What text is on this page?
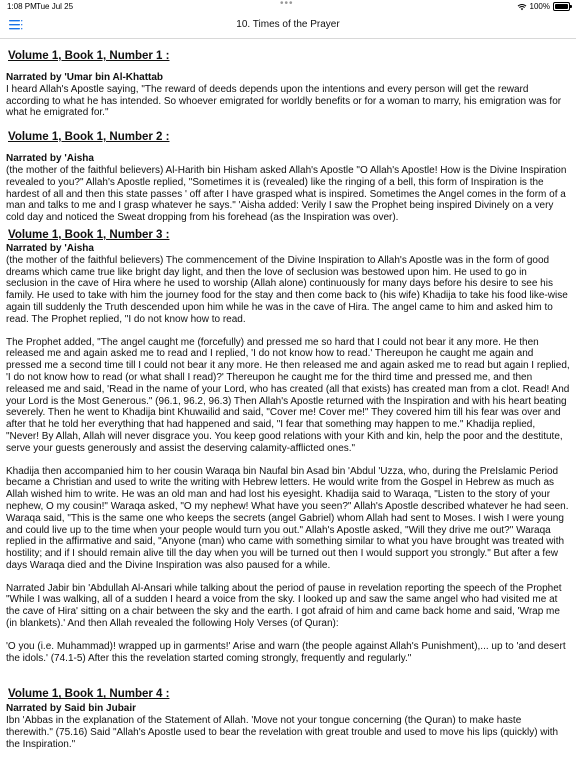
1:08 PM Tue Jul 25	•••	100%
10. Times of the Prayer
Volume 1, Book 1, Number 1 :
Narrated by 'Umar bin Al-Khattab

I heard Allah's Apostle saying, "The reward of deeds depends upon the intentions and every person will get the reward according to what he has intended. So whoever emigrated for worldly benefits or for a woman to marry, his emigration was for what he emigrated for."

Volume 1, Book 1, Number 2 :
Narrated by 'Aisha

(the mother of the faithful believers) Al-Harith bin Hisham asked Allah's Apostle "O Allah's Apostle! How is the Divine Inspiration revealed to you?" Allah's Apostle replied, "Sometimes it is (revealed) like the ringing of a bell, this form of Inspiration is the hardest of all and then this state passes ' off after I have grasped what is inspired. Sometimes the Angel comes in the form of a man and talks to me and I grasp whatever he says." 'Aisha added: Verily I saw the Prophet being inspired Divinely on a very cold day and noticed the Sweat dropping from his forehead (as the Inspiration was over).

Volume 1, Book 1, Number 3 :
Narrated by 'Aisha

(the mother of the faithful believers) The commencement of the Divine Inspiration to Allah's Apostle was in the form of good dreams which came true like bright day light, and then the love of seclusion was bestowed upon him. He used to go in seclusion in the cave of Hira where he used to worship (Allah alone) continuously for many days before his desire to see his family. He used to take with him the journey food for the stay and then come back to (his wife) Khadija to take his food like-wise again till suddenly the Truth descended upon him while he was in the cave of Hira. The angel came to him and asked him to read. The Prophet replied, "I do not know how to read.

The Prophet added, "The angel caught me (forcefully) and pressed me so hard that I could not bear it any more. He then released me and again asked me to read and I replied, 'I do not know how to read.' Thereupon he caught me again and pressed me a second time till I could not bear it any more. He then released me and again asked me to read but again I replied, 'I do not know how to read (or what shall I read)?' Thereupon he caught me for the third time and pressed me, and then released me and said, 'Read in the name of your Lord, who has created (all that exists) has created man from a clot. Read! And your Lord is the Most Generous." (96.1, 96.2, 96.3) Then Allah's Apostle returned with the Inspiration and with his heart beating severely. Then he went to Khadija bint Khuwailid and said, "Cover me! Cover me!" They covered him till his fear was over and after that he told her everything that had happened and said, "I fear that something may happen to me." Khadija replied, "Never! By Allah, Allah will never disgrace you. You keep good relations with your Kith and kin, help the poor and the destitute, serve your guests generously and assist the deserving calamity-afflicted ones."

Khadija then accompanied him to her cousin Waraqa bin Naufal bin Asad bin 'Abdul 'Uzza, who, during the PreIslamic Period became a Christian and used to write the writing with Hebrew letters. He would write from the Gospel in Hebrew as much as Allah wished him to write. He was an old man and had lost his eyesight. Khadija said to Waraqa, "Listen to the story of your nephew, O my cousin!" Waraqa asked, "O my nephew! What have you seen?" Allah's Apostle described whatever he had seen. Waraqa said, "This is the same one who keeps the secrets (angel Gabriel) whom Allah had sent to Moses. I wish I were young and could live up to the time when your people would turn you out." Allah's Apostle asked, "Will they drive me out?" Waraqa replied in the affirmative and said, "Anyone (man) who came with something similar to what you have brought was treated with hostility; and if I should remain alive till the day when you will be turned out then I would support you strongly." But after a few days Waraqa died and the Divine Inspiration was also paused for a while.

Narrated Jabir bin 'Abdullah Al-Ansari while talking about the period of pause in revelation reporting the speech of the Prophet "While I was walking, all of a sudden I heard a voice from the sky. I looked up and saw the same angel who had visited me at the cave of Hira' sitting on a chair between the sky and the earth. I got afraid of him and came back home and said, 'Wrap me (in blankets).' And then Allah revealed the following Holy Verses (of Quran):

'O you (i.e. Muhammad)! wrapped up in garments!' Arise and warn (the people against Allah's Punishment),... up to 'and desert the idols.' (74.1-5) After this the revelation started coming strongly, frequently and regularly."

Volume 1, Book 1, Number 4 :
Narrated by Said bin Jubair

Ibn 'Abbas in the explanation of the Statement of Allah. 'Move not your tongue concerning (the Quran) to make haste therewith." (75.16) Said "Allah's Apostle used to bear the revelation with great trouble and used to move his lips (quickly) with the Inspiration."
